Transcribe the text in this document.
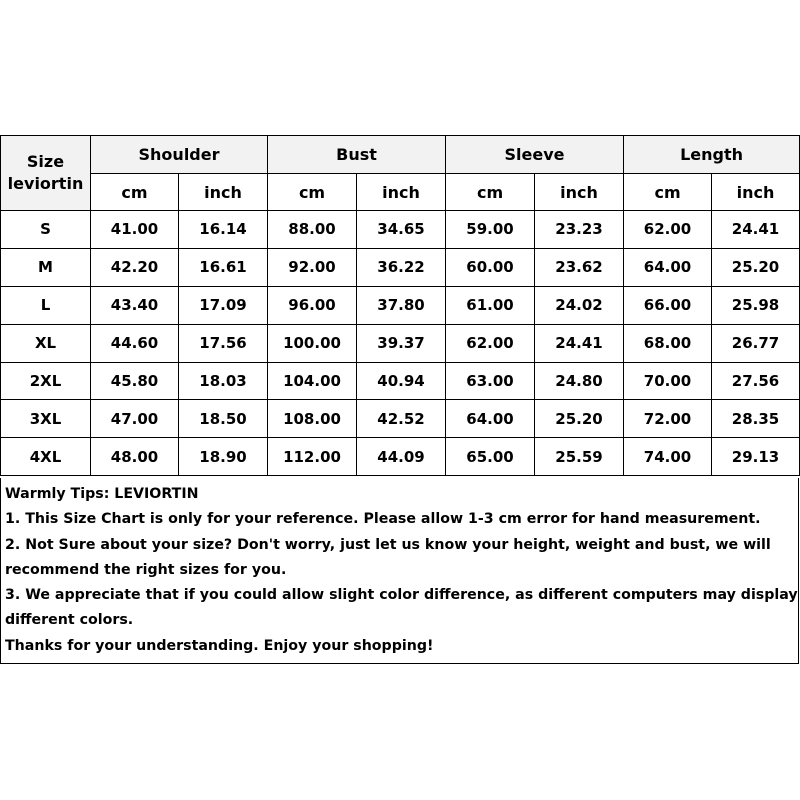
Size
leviortin	Shoulder		Bust		Sleeve		Length	
	cm	inch	cm	inch	cm	inch	cm	inch
S	41.00	16.14	88.00	34.65	59.00	23.23	62.00	24.41
M	42.20	16.61	92.00	36.22	60.00	23.62	64.00	25.20
L	43.40	17.09	96.00	37.80	61.00	24.02	66.00	25.98
XL	44.60	17.56	100.00	39.37	62.00	24.41	68.00	26.77
2XL	45.80	18.03	104.00	40.94	63.00	24.80	70.00	27.56
3XL	47.00	18.50	108.00	42.52	64.00	25.20	72.00	28.35
4XL	48.00	18.90	112.00	44.09	65.00	25.59	74.00	29.13

Warmly Tips: LEVIORTIN

1. This Size Chart is only for your reference. Please allow 1-3 cm error for hand measurement.

2. Not Sure about your size? Don't worry, just let us know your height, weight and bust, we will recommend the right sizes for you.

3. We appreciate that if you could allow slight color difference, as different computers may display different colors.

Thanks for your understanding. Enjoy your shopping!
